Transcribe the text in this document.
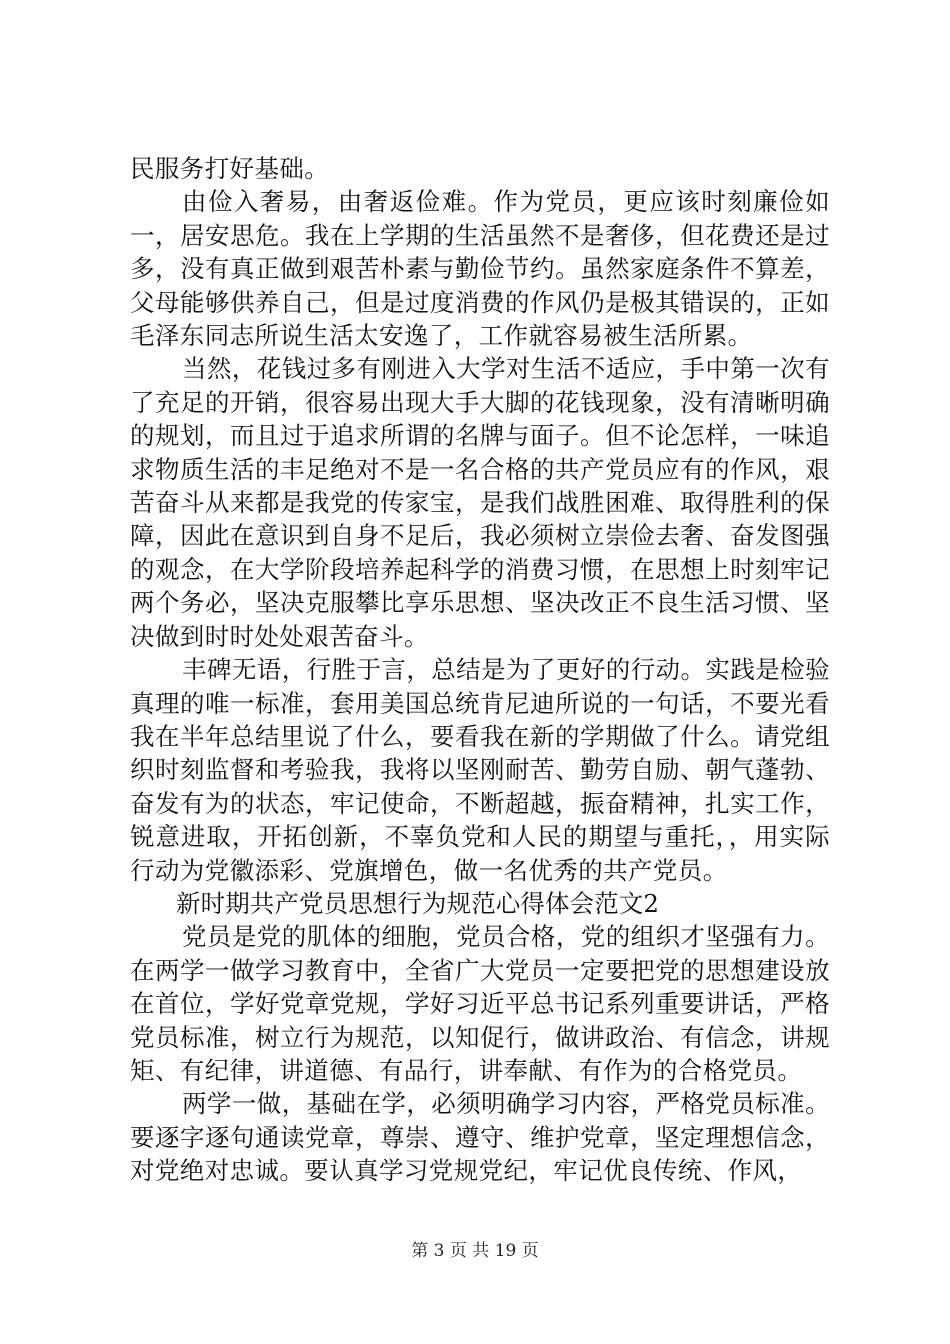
民服务打好基础。

由俭入奢易，由奢返俭难。作为党员，更应该时刻廉俭如一，居安思危。我在上学期的生活虽然不是奢侈，但花费还是过多，没有真正做到艰苦朴素与勤俭节约。虽然家庭条件不算差，父母能够供养自己，但是过度消费的作风仍是极其错误的，正如毛泽东同志所说生活太安逸了，工作就容易被生活所累。

当然，花钱过多有刚进入大学对生活不适应，手中第一次有了充足的开销，很容易出现大手大脚的花钱现象，没有清晰明确的规划，而且过于追求所谓的名牌与面子。但不论怎样，一味追求物质生活的丰足绝对不是一名合格的共产党员应有的作风，艰苦奋斗从来都是我党的传家宝，是我们战胜困难、取得胜利的保障，因此在意识到自身不足后，我必须树立崇俭去奢、奋发图强的观念，在大学阶段培养起科学的消费习惯，在思想上时刻牢记两个务必，坚决克服攀比享乐思想、坚决改正不良生活习惯、坚决做到时时处处艰苦奋斗。

丰碑无语，行胜于言，总结是为了更好的行动。实践是检验真理的唯一标准，套用美国总统肯尼迪所说的一句话，不要光看我在半年总结里说了什么，要看我在新的学期做了什么。请党组织时刻监督和考验我，我将以坚刚耐苦、勤劳自励、朝气蓬勃、奋发有为的状态，牢记使命，不断超越，振奋精神，扎实工作，锐意进取，开拓创新，不辜负党和人民的期望与重托，，用实际行动为党徽添彩、党旗增色，做一名优秀的共产党员。

新时期共产党员思想行为规范心得体会范文2

党员是党的肌体的细胞，党员合格，党的组织才坚强有力。在两学一做学习教育中，全省广大党员一定要把党的思想建设放在首位，学好党章党规，学好习近平总书记系列重要讲话，严格党员标准，树立行为规范，以知促行，做讲政治、有信念，讲规矩、有纪律，讲道德、有品行，讲奉献、有作为的合格党员。

两学一做，基础在学，必须明确学习内容，严格党员标准。要逐字逐句通读党章，尊崇、遵守、维护党章，坚定理想信念，对党绝对忠诚。要认真学习党规党纪，牢记优良传统、作风，

第 3 页 共 19 页
